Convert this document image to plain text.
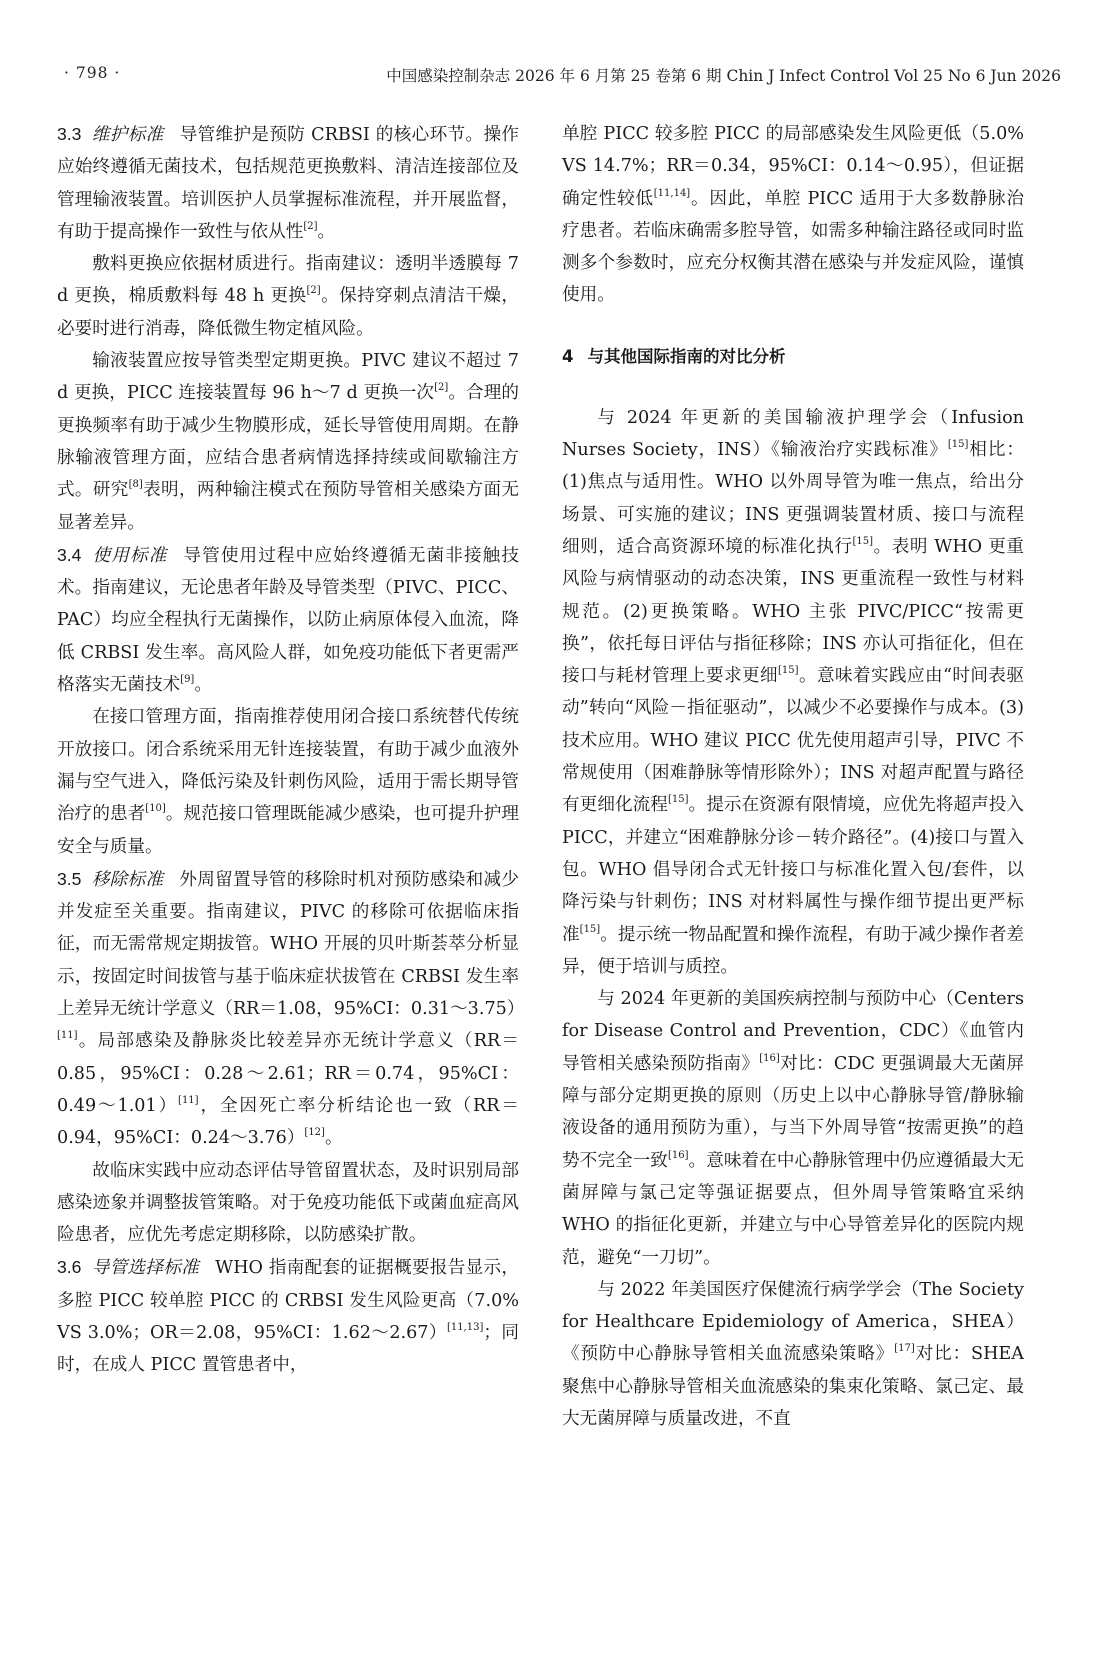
· 798 ·	中国感染控制杂志 2026 年 6 月第 25 卷第 6 期 Chin J Infect Control Vol 25 No 6 Jun 2026

3.3 维护标准 导管维护是预防 CRBSI 的核心环节。操作应始终遵循无菌技术，包括规范更换敷料、清洁连接部位及管理输液装置。培训医护人员掌握标准流程，并开展监督，有助于提高操作一致性与依从性[2]。

敷料更换应依据材质进行。指南建议：透明半透膜每 7 d 更换，棉质敷料每 48 h 更换[2]。保持穿刺点清洁干燥，必要时进行消毒，降低微生物定植风险。

输液装置应按导管类型定期更换。PIVC 建议不超过 7 d 更换，PICC 连接装置每 96 h～7 d 更换一次[2]。合理的更换频率有助于减少生物膜形成，延长导管使用周期。在静脉输液管理方面，应结合患者病情选择持续或间歇输注方式。研究[8]表明，两种输注模式在预防导管相关感染方面无显著差异。

3.4 使用标准 导管使用过程中应始终遵循无菌非接触技术。指南建议，无论患者年龄及导管类型（PIVC、PICC、PAC）均应全程执行无菌操作，以防止病原体侵入血流，降低 CRBSI 发生率。高风险人群，如免疫功能低下者更需严格落实无菌技术[9]。

在接口管理方面，指南推荐使用闭合接口系统替代传统开放接口。闭合系统采用无针连接装置，有助于减少血液外漏与空气进入，降低污染及针刺伤风险，适用于需长期导管治疗的患者[10]。规范接口管理既能减少感染，也可提升护理安全与质量。

3.5 移除标准 外周留置导管的移除时机对预防感染和减少并发症至关重要。指南建议，PIVC 的移除可依据临床指征，而无需常规定期拔管。WHO 开展的贝叶斯荟萃分析显示，按固定时间拔管与基于临床症状拔管在 CRBSI 发生率上差异无统计学意义（RR＝1.08，95%CI：0.31～3.75）[11]。局部感染及静脉炎比较差异亦无统计学意义（RR＝0.85，95%CI：0.28～2.61；RR＝0.74，95%CI：0.49～1.01）[11]，全因死亡率分析结论也一致（RR＝0.94，95%CI：0.24～3.76）[12]。

故临床实践中应动态评估导管留置状态，及时识别局部感染迹象并调整拔管策略。对于免疫功能低下或菌血症高风险患者，应优先考虑定期移除，以防感染扩散。

3.6 导管选择标准 WHO 指南配套的证据概要报告显示，多腔 PICC 较单腔 PICC 的 CRBSI 发生风险更高（7.0% VS 3.0%；OR＝2.08，95%CI：1.62～2.67）[11,13]；同时，在成人 PICC 置管患者中，

单腔 PICC 较多腔 PICC 的局部感染发生风险更低（5.0% VS 14.7%；RR＝0.34，95%CI：0.14～0.95），但证据确定性较低[11,14]。因此，单腔 PICC 适用于大多数静脉治疗患者。若临床确需多腔导管，如需多种输注路径或同时监测多个参数时，应充分权衡其潜在感染与并发症风险，谨慎使用。

4 与其他国际指南的对比分析

与 2024 年更新的美国输液护理学会（Infusion Nurses Society，INS）《输液治疗实践标准》[15]相比：(1)焦点与适用性。WHO 以外周导管为唯一焦点，给出分场景、可实施的建议；INS 更强调装置材质、接口与流程细则，适合高资源环境的标准化执行[15]。表明 WHO 更重风险与病情驱动的动态决策，INS 更重流程一致性与材料规范。(2)更换策略。WHO 主张 PIVC/PICC“按需更换”，依托每日评估与指征移除；INS 亦认可指征化，但在接口与耗材管理上要求更细[15]。意味着实践应由“时间表驱动”转向“风险－指征驱动”，以减少不必要操作与成本。(3)技术应用。WHO 建议 PICC 优先使用超声引导，PIVC 不常规使用（困难静脉等情形除外）；INS 对超声配置与路径有更细化流程[15]。提示在资源有限情境，应优先将超声投入 PICC，并建立“困难静脉分诊－转介路径”。(4)接口与置入包。WHO 倡导闭合式无针接口与标准化置入包/套件，以降污染与针刺伤；INS 对材料属性与操作细节提出更严标准[15]。提示统一物品配置和操作流程，有助于减少操作者差异，便于培训与质控。

与 2024 年更新的美国疾病控制与预防中心（Centers for Disease Control and Prevention，CDC）《血管内导管相关感染预防指南》[16]对比：CDC 更强调最大无菌屏障与部分定期更换的原则（历史上以中心静脉导管/静脉输液设备的通用预防为重），与当下外周导管“按需更换”的趋势不完全一致[16]。意味着在中心静脉管理中仍应遵循最大无菌屏障与氯己定等强证据要点，但外周导管策略宜采纳 WHO 的指征化更新，并建立与中心导管差异化的医院内规范，避免“一刀切”。

与 2022 年美国医疗保健流行病学学会（The Society for Healthcare Epidemiology of America，SHEA）《预防中心静脉导管相关血流感染策略》[17]对比：SHEA 聚焦中心静脉导管相关血流感染的集束化策略、氯己定、最大无菌屏障与质量改进，不直
